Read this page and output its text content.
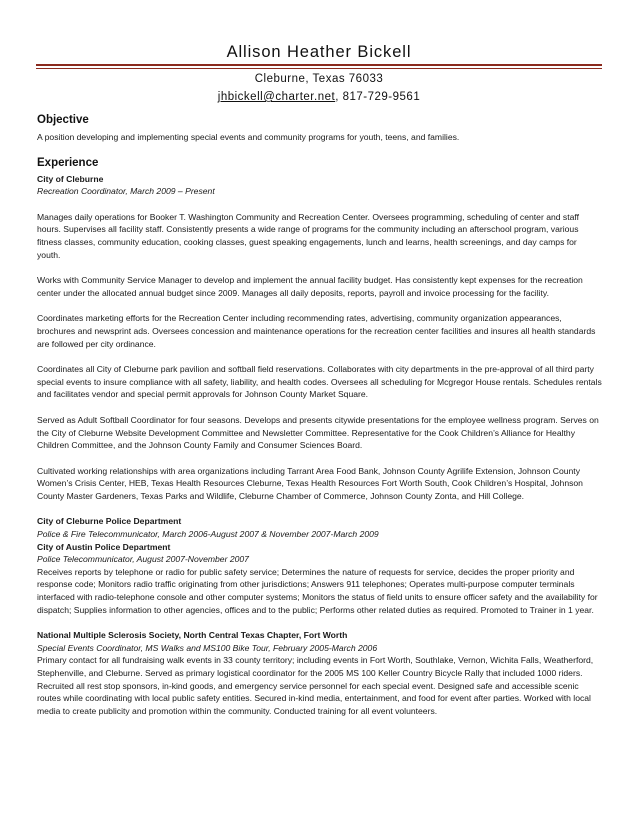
Allison Heather Bickell
Cleburne, Texas 76033
jhbickell@charter.net, 817-729-9561
Objective
A position developing and implementing special events and community programs for youth, teens, and families.
Experience
City of Cleburne
Recreation Coordinator, March 2009 – Present
Manages daily operations for Booker T. Washington Community and Recreation Center. Oversees programming, scheduling of center and staff hours. Supervises all facility staff. Consistently presents a wide range of programs for the community including an afterschool program, various fitness classes, community education, cooking classes, guest speaking engagements, lunch and learns, health screenings, and day camps for youth.
Works with Community Service Manager to develop and implement the annual facility budget. Has consistently kept expenses for the recreation center under the allocated annual budget since 2009. Manages all daily deposits, reports, payroll and invoice processing for the facility.
Coordinates marketing efforts for the Recreation Center including recommending rates, advertising, community organization appearances, brochures and newsprint ads. Oversees concession and maintenance operations for the recreation center facilities and insures all health standards are followed per city ordinance.
Coordinates all City of Cleburne park pavilion and softball field reservations. Collaborates with city departments in the pre-approval of all third party special events to insure compliance with all safety, liability, and health codes. Oversees all scheduling for Mcgregor House rentals. Schedules rentals and facilitates vendor and special permit approvals for Johnson County Market Square.
Served as Adult Softball Coordinator for four seasons. Develops and presents citywide presentations for the employee wellness program. Serves on the City of Cleburne Website Development Committee and Newsletter Committee. Representative for the Cook Children’s Alliance for Healthy Children Committee, and the Johnson County Family and Consumer Sciences Board.
Cultivated working relationships with area organizations including Tarrant Area Food Bank, Johnson County Agrilife Extension, Johnson County Women’s Crisis Center, HEB, Texas Health Resources Cleburne, Texas Health Resources Fort Worth South, Cook Children’s Hospital, Johnson County Master Gardeners, Texas Parks and Wildlife, Cleburne Chamber of Commerce, Johnson County Zonta, and Hill College.
City of Cleburne Police Department
Police & Fire Telecommunicator, March 2006-August 2007 & November 2007-March 2009
City of Austin Police Department
Police Telecommunicator, August 2007-November 2007
Receives reports by telephone or radio for public safety service; Determines the nature of requests for service, decides the proper priority and response code; Monitors radio traffic originating from other jurisdictions; Answers 911 telephones; Operates multi-purpose computer terminals interfaced with radio-telephone console and other computer systems; Monitors the status of field units to ensure officer safety and the availability for dispatch; Supplies information to other agencies, offices and to the public; Performs other related duties as required. Promoted to Trainer in 1 year.
National Multiple Sclerosis Society, North Central Texas Chapter, Fort Worth
Special Events Coordinator, MS Walks and MS100 Bike Tour, February 2005-March 2006
Primary contact for all fundraising walk events in 33 county territory; including events in Fort Worth, Southlake, Vernon, Wichita Falls, Weatherford, Stephenville, and Cleburne. Served as primary logistical coordinator for the 2005 MS 100 Keller Country Bicycle Rally that included 1000 riders. Recruited all rest stop sponsors, in-kind goods, and emergency service personnel for each special event. Designed safe and accessible scenic routes while coordinating with local public safety entities. Secured in-kind media, entertainment, and food for event after parties. Worked with local media to create publicity and promotion within the community. Conducted training for all event volunteers.
